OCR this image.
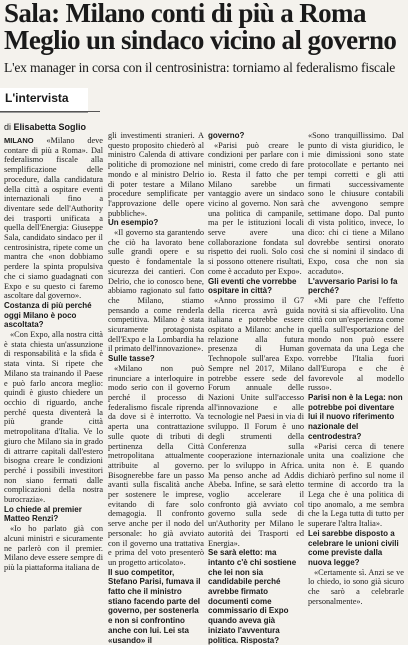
Sala: Milano conti di più a Roma
Meglio un sindaco vicino al governo
L'ex manager in corsa con il centrosinistra: torniamo al federalismo fiscale
L'intervista
di Elisabetta Soglio

MILANO «Milano deve contare di più a Roma». Dal federalismo fiscale alla semplificazione delle procedure, dalla candidatura della città a ospitare eventi internazionali fino a diventare sede dell'Authority dei trasporti unificata a quella dell'Energia: Giuseppe Sala, candidato sindaco per il centrosinistra, ripete come un mantra che «non dobbiamo perdere la spinta propulsiva che ci siamo guadagnati con Expo e su questo ci faremo ascoltare dal governo».

Costanza di più perché oggi Milano è poco ascoltata?

«Con Expo, alla nostra città è stata chiesta un'assunzione di responsabilità e la sfida è stata vinta. Si ripete che Milano sta trainando il Paese e può farlo ancora meglio: quindi è giusto chiedere un occhio di riguardo, anche perché questa diventerà la più grande città metropolitana d'Italia. Ve lo giuro che Milano sia in grado di attrarre capitali dall'estero bisogna creare le condizioni perché i possibili investitori non siano fermati dalle complicazioni della nostra burocrazia».

Lo chiede al premier Matteo Renzi?

«Io ho parlato già con alcuni ministri e sicuramente ne parlerò con il premier. Milano deve essere sempre di più la piattaforma italiana de

gli investimenti stranieri. A questo proposito chiederò al ministro Calenda di attivare politiche di promozione nel mondo e al ministro Delrio di poter testare a Milano procedure semplificate per l'approvazione delle opere pubbliche».

Un esempio?

«Il governo sta garantendo che ciò ha lavorato bene sulle grandi opere e su questo è fondamentale la sicurezza dei cantieri. Con Delrio, che io conosco bene, abbiamo ragionato sul fatto che Milano, stiamo pensando a come renderla competitiva. Milano è stata sicuramente protagonista dell'Expo e la Lombardia ha il primato dell'innovazione».

Sulle tasse?

«Milano non può rinunciare a interloquire in modo serio con il governo perché il processo di federalismo fiscale riprenda da dove si è interrotto. Va aperta una contrattazione sulle quote di tributi di pertinenza della Città metropolitana attualmente attribuite al governo. Bisognerebbe fare un passo avanti sulla fiscalità anche per sostenere le imprese, evitando di fare solo demagogia. Il confronto serve anche per il nodo del personale: ho già avviato con il governo una trattativa e prima del voto presenterò un progetto articolato».

Il suo competitor, Stefano Parisi, fumava il fatto che il ministro stiano facendo parte del governo, per sostenerla e non si confrontino anche con lui. Lei sta «usando» il

governo?

«Parisi può creare le condizioni per parlare con i ministri, come credo di fare io. Resta il fatto che per Milano sarebbe un vantaggio avere un sindaco vicino al governo. Non sarà una politica di campanile, ma per le istituzioni locali serve avere una collaborazione fondata sul rispetto dei ruoli. Solo così si possono ottenere risultati, come è accaduto per Expo».

Gli eventi che vorrebbe ospitare in città?

«Anno prossimo il G7 della ricerca avrà guida italiana e potrebbe essere ospitato a Milano: anche in relazione alla futura presenza di Human Technopole sull'area Expo. Sempre nel 2017, Milano potrebbe essere sede del Forum annuale delle Nazioni Unite sull'accesso all'innovazione e alle tecnologie nel Paesi in via di sviluppo. Il Forum è uno degli strumenti della Conferenza sulla cooperazione internazionale per lo sviluppo in Africa. Ma penso anche ad Addis Abeba. Infine, se sarà eletto voglio accelerare il confronto già avviato col governo sulla sede di un'Authority per Milano le autorità dei Trasporti ed Energia».

Se sarà eletto: ma intanto c'è chi sostiene che lei non sia candidabile perché avrebbe firmato documenti come commissario di Expo quando aveva già iniziato l'avventura politica. Risposta?

«Sono tranquillissimo. Dal punto di vista giuridico, le mie dimissioni sono state protocollate e pertanto nei tempi corretti e gli atti firmati successivamente sono le chiusure contabili che avvengono sempre settimane dopo. Dal punto di vista politico, invece, lo dico: chi ci tiene a Milano dovrebbe sentirsi onorato che si nomini il sindaco di Expo, cosa che non sia accaduto».

L'avversario Parisi lo fa perché?

«Mi pare che l'effetto novità si sia affievolito. Una città con un'esperienza come quella sull'esportazione del mondo non può essere governata da una Lega che vorrebbe l'Italia fuori dall'Europa e che è favorevole al modello russo».

Parisi non è la Lega: non potrebbe poi diventare lui il nuovo riferimento nazionale del centrodestra?

«Parisi cerca di tenere unita una coalizione che unita non è. E quando dichiarò perfino sul nome il termine di accordo tra la Lega che è una politica di tipo anomalo, a me sembra che la Lega tutta di tutto per superare l'altra Italia».

Lei sarebbe disposto a celebrare le unioni civili come previste dalla nuova legge?

«Certamente sì. Anzi se ve lo chiedo, io sono già sicuro che sarò a celebrarle personalmente».
